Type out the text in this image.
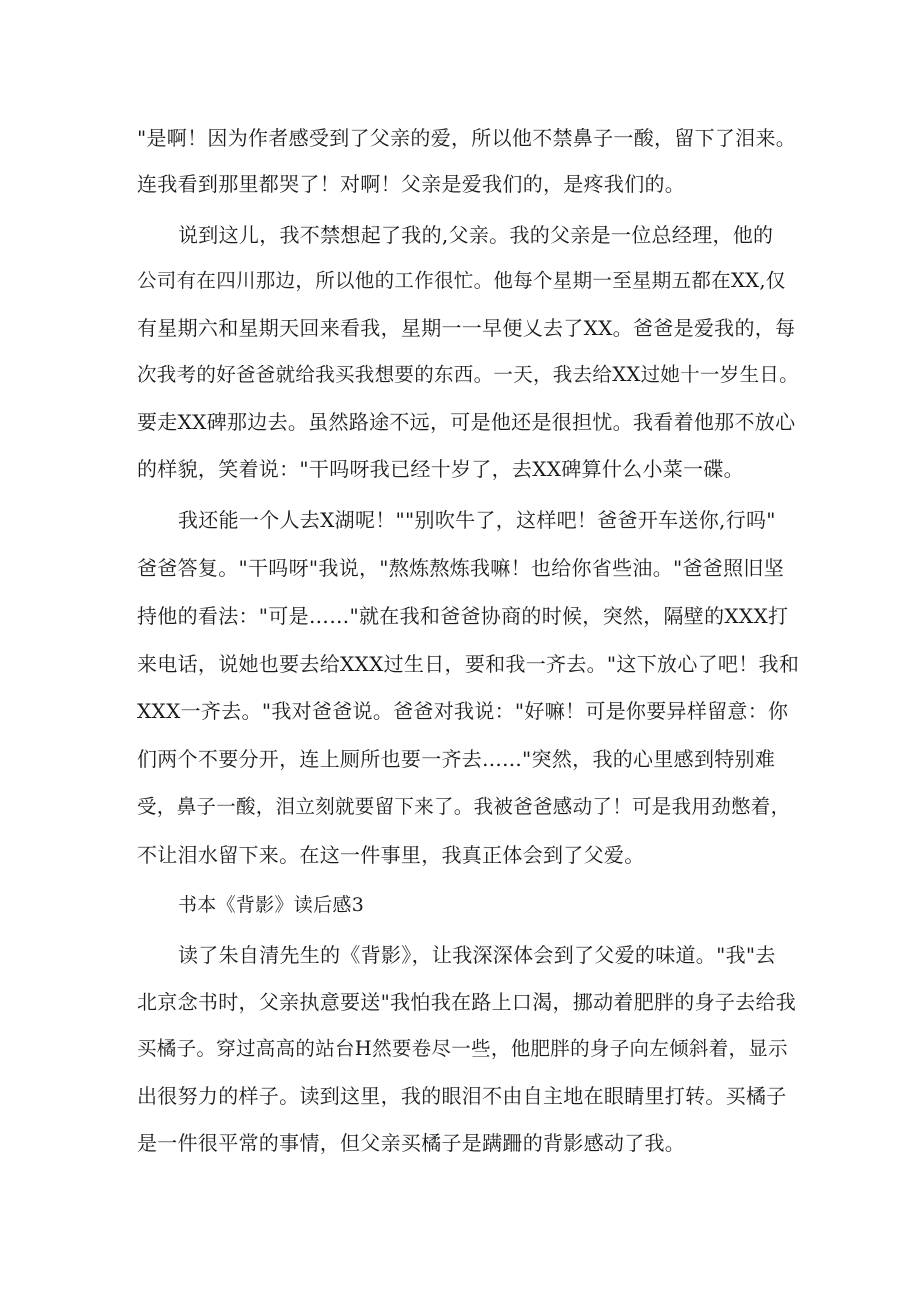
"是啊！因为作者感受到了父亲的爱，所以他不禁鼻子一酸，留下了泪来。
连我看到那里都哭了！对啊！父亲是爱我们的，是疼我们的。
说到这儿，我不禁想起了我的,父亲。我的父亲是一位总经理，他的
公司有在四川那边，所以他的工作很忙。他每个星期一至星期五都在XX,仅
有星期六和星期天回来看我，星期一一早便乂去了XX。爸爸是爱我的，每
次我考的好爸爸就给我买我想要的东西。一天，我去给XX过她十一岁生日。
要走XX碑那边去。虽然路途不远，可是他还是很担忧。我看着他那不放心
的样貌，笑着说："干吗呀我已经十岁了，去XX碑算什么小菜一碟。
我还能一个人去X湖呢！""别吹牛了，这样吧！爸爸开车送你,行吗"
爸爸答复。"干吗呀"我说，"熬炼熬炼我嘛！也给你省些油。"爸爸照旧坚
持他的看法："可是……"就在我和爸爸协商的时候，突然，隔壁的XXX打
来电话，说她也要去给XXX过生日，要和我一齐去。"这下放心了吧！我和
XXX一齐去。"我对爸爸说。爸爸对我说："好嘛！可是你要异样留意：你
们两个不要分开，连上厕所也要一齐去......"突然，我的心里感到特别难
受，鼻子一酸，泪立刻就要留下来了。我被爸爸感动了！可是我用劲憋着，
不让泪水留下来。在这一件事里，我真正体会到了父爱。
书本《背影》读后感3
读了朱自清先生的《背影》，让我深深体会到了父爱的味道。"我"去
北京念书时，父亲执意要送"我怕我在路上口渴，挪动着肥胖的身子去给我
买橘子。穿过高高的站台H然要卷尽一些，他肥胖的身子向左倾斜着，显示
出很努力的样子。读到这里，我的眼泪不由自主地在眼睛里打转。买橘子
是一件很平常的事情，但父亲买橘子是蹒跚的背影感动了我。
